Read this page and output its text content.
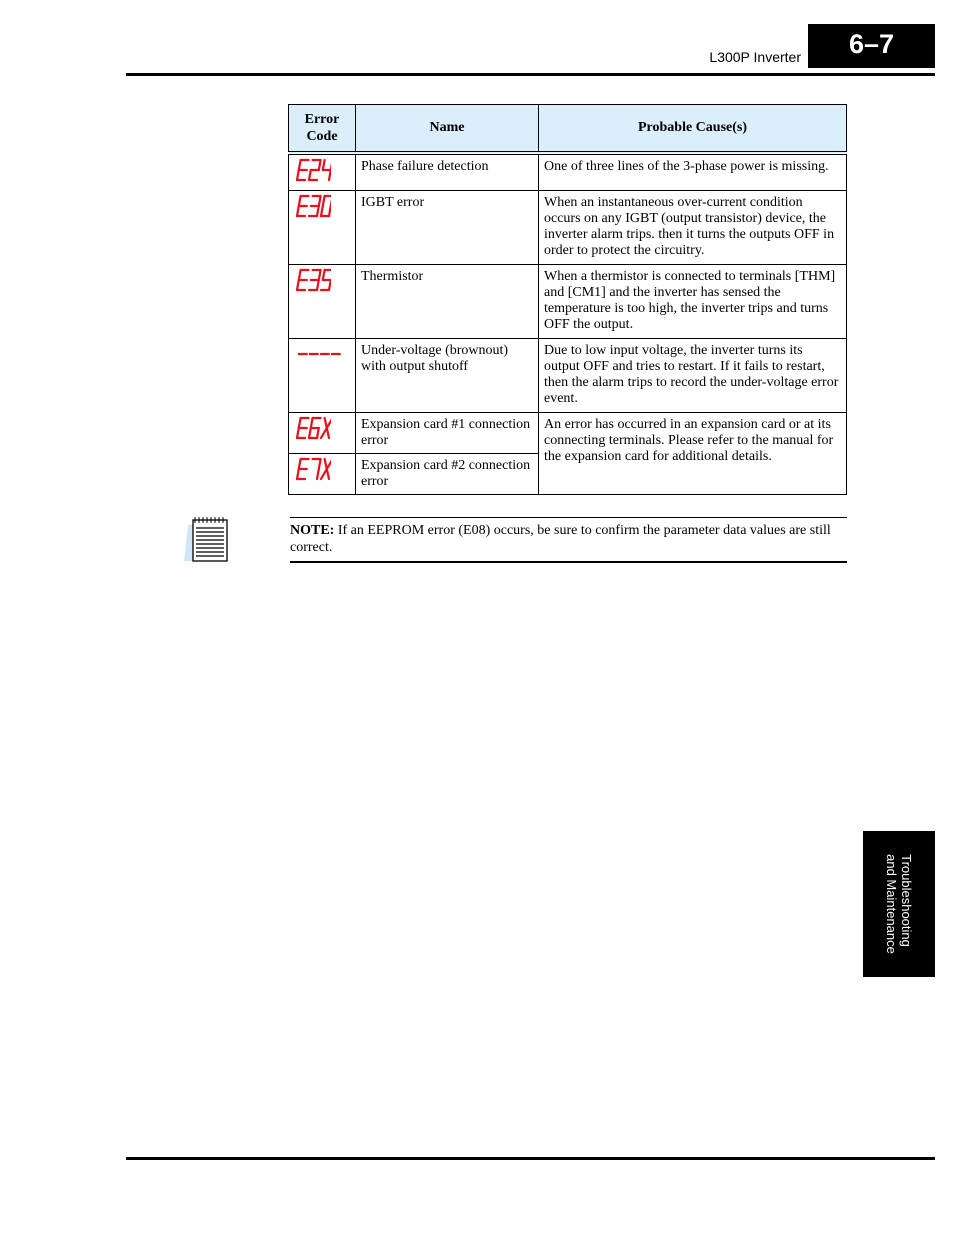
L300P Inverter	6–7
Error Code	Name	Probable Cause(s)

	Phase failure detection	One of three lines of the 3-phase power is missing.

	IGBT error	When an instantaneous over-current condition occurs on any IGBT (output transistor) device, the inverter alarm trips. then it turns the outputs OFF in order to protect the circuitry.

	Thermistor	When a thermistor is connected to terminals [THM] and [CM1] and the inverter has sensed the temperature is too high, the inverter trips and turns OFF the output.

	Under-voltage (brownout) with output shutoff	Due to low input voltage, the inverter turns its output OFF and tries to restart. If it fails to restart, then the alarm trips to record the under-voltage error event.

	Expansion card #1 connection error	An error has occurred in an expansion card or at its connecting terminals. Please refer to the manual for the expansion card for additional details.

	Expansion card #2 connection error	
NOTE: If an EEPROM error (E08) occurs, be sure to confirm the parameter data values are still correct.
Troubleshooting
and Maintenance
